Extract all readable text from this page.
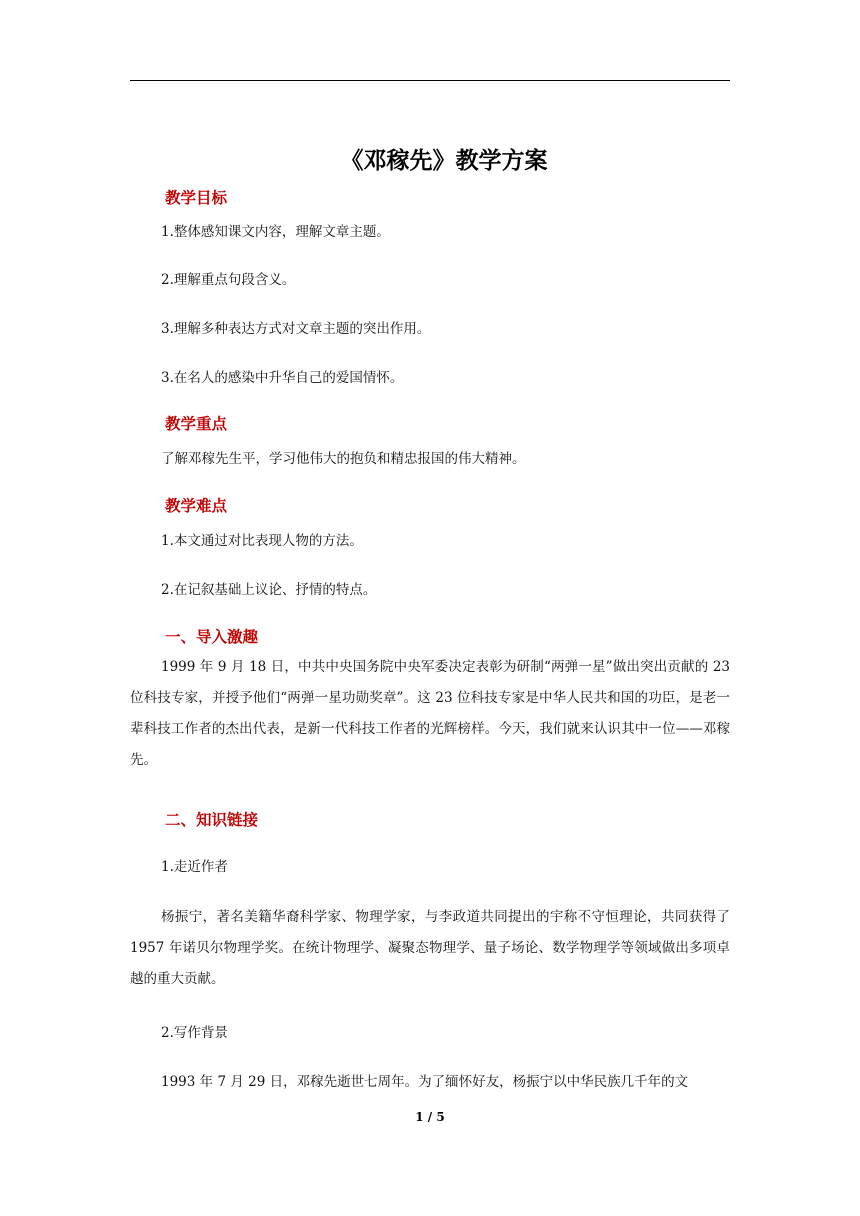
《邓稼先》教学方案
教学目标
1.整体感知课文内容，理解文章主题。
2.理解重点句段含义。
3.理解多种表达方式对文章主题的突出作用。
3.在名人的感染中升华自己的爱国情怀。
教学重点
了解邓稼先生平，学习他伟大的抱负和精忠报国的伟大精神。
教学难点
1.本文通过对比表现人物的方法。
2.在记叙基础上议论、抒情的特点。
一、导入激趣
1999 年 9 月 18 日，中共中央国务院中央军委决定表彰为研制“两弹一星”做出突出贡献的 23 位科技专家，并授予他们“两弹一星功勋奖章”。这 23 位科技专家是中华人民共和国的功臣，是老一辈科技工作者的杰出代表，是新一代科技工作者的光辉榜样。今天，我们就来认识其中一位——邓稼先。
二、知识链接
1.走近作者
杨振宁，著名美籍华裔科学家、物理学家，与李政道共同提出的宇称不守恒理论，共同获得了 1957 年诺贝尔物理学奖。在统计物理学、凝聚态物理学、量子场论、数学物理学等领域做出多项卓越的重大贡献。
2.写作背景
1993 年 7 月 29 日，邓稼先逝世七周年。为了缅怀好友，杨振宁以中华民族几千年的文
1 / 5
